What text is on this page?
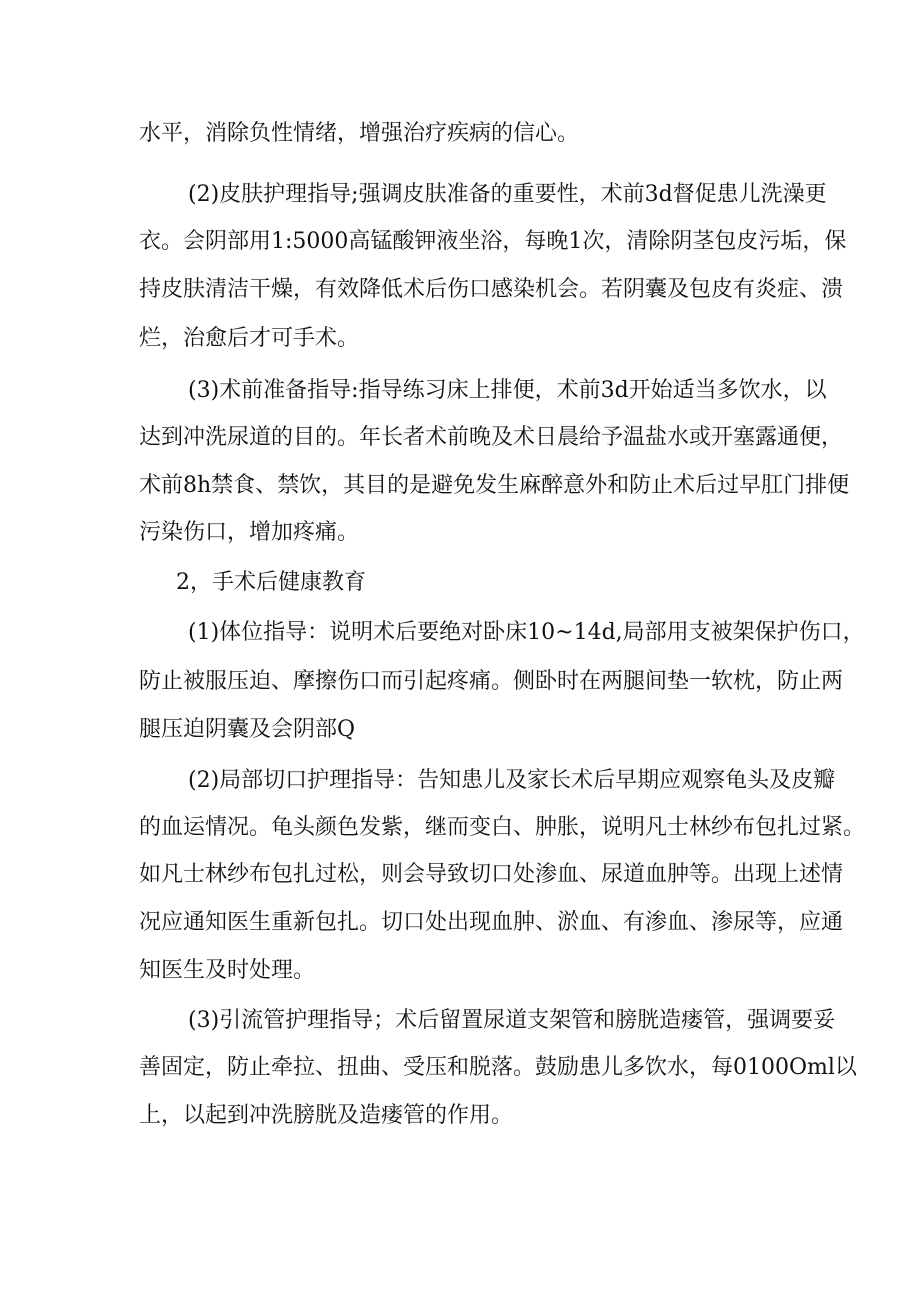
水平，消除负性情绪，增强治疗疾病的信心。
(2)皮肤护理指导;强调皮肤准备的重要性，术前3d督促患儿洗澡更
衣。会阴部用1:5000高锰酸钾液坐浴，每晚1次，清除阴茎包皮污垢，保
持皮肤清洁干燥，有效降低术后伤口感染机会。若阴囊及包皮有炎症、溃
烂，治愈后才可手术。
(3)术前准备指导:指导练习床上排便，术前3d开始适当多饮水，以
达到冲洗尿道的目的。年长者术前晚及术日晨给予温盐水或开塞露通便，
术前8h禁食、禁饮，其目的是避免发生麻醉意外和防止术后过早肛门排便
污染伤口，增加疼痛。
2，手术后健康教育
(1)体位指导：说明术后要绝对卧床10~14d,局部用支被架保护伤口，
防止被服压迫、摩擦伤口而引起疼痛。侧卧时在两腿间垫一软枕，防止两
腿压迫阴囊及会阴部Q
(2)局部切口护理指导：告知患儿及家长术后早期应观察龟头及皮瓣
的血运情况。龟头颜色发紫，继而变白、肿胀，说明凡士林纱布包扎过紧。
如凡士林纱布包扎过松，则会导致切口处渗血、尿道血肿等。出现上述情
况应通知医生重新包扎。切口处出现血肿、淤血、有渗血、渗尿等，应通
知医生及时处理。
(3)引流管护理指导；术后留置尿道支架管和膀胱造瘘管，强调要妥
善固定，防止牵拉、扭曲、受压和脱落。鼓励患儿多饮水，每0100Oml以
上，以起到冲洗膀胱及造瘘管的作用。
